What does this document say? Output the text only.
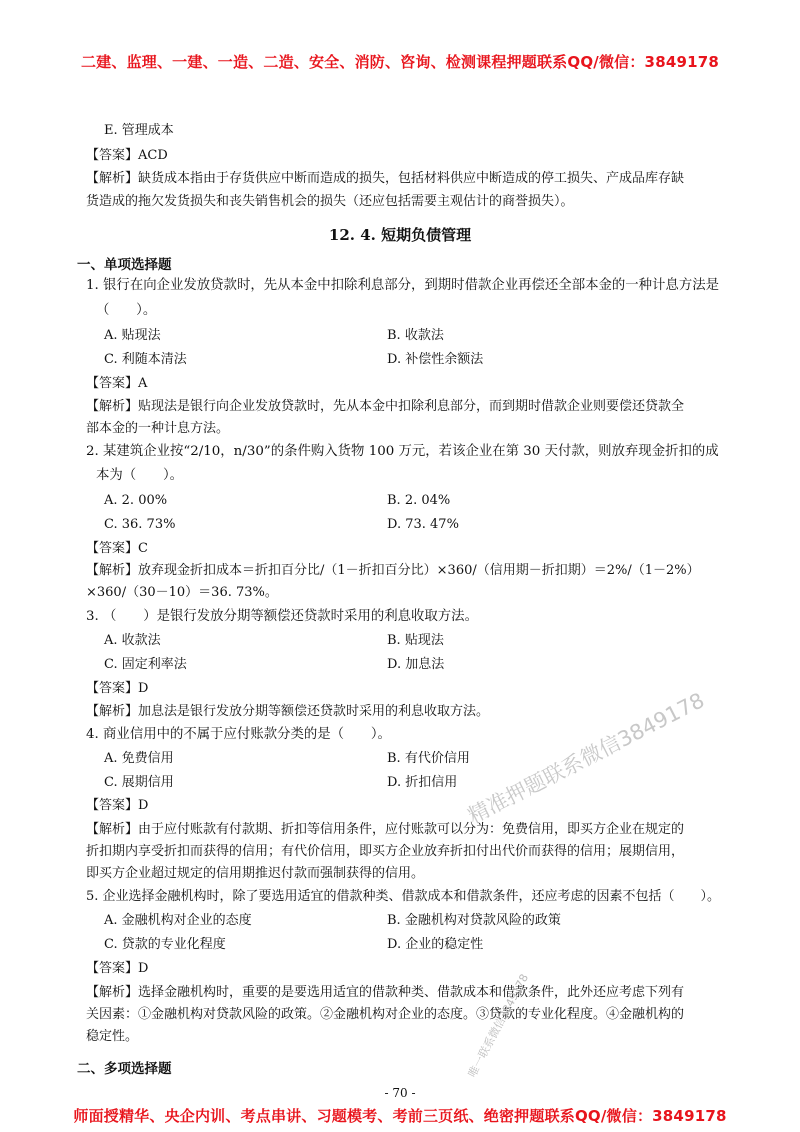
二建、监理、一建、一造、二造、安全、消防、咨询、检测课程押题联系QQ/微信：3849178
E. 管理成本
【答案】ACD
【解析】缺货成本指由于存货供应中断而造成的损失，包括材料供应中断造成的停工损失、产成品库存缺
货造成的拖欠发货损失和丧失销售机会的损失（还应包括需要主观估计的商誉损失）。
12. 4. 短期负债管理
一、单项选择题
1. 银行在向企业发放贷款时，先从本金中扣除利息部分，到期时借款企业再偿还全部本金的一种计息方法是
（　　）。
A. 贴现法	B. 收款法
C. 利随本清法	D. 补偿性余额法
【答案】A
【解析】贴现法是银行向企业发放贷款时，先从本金中扣除利息部分，而到期时借款企业则要偿还贷款全
部本金的一种计息方法。
2. 某建筑企业按“2/10，n/30”的条件购入货物 100 万元，若该企业在第 30 天付款，则放弃现金折扣的成
本为（　　）。
A. 2. 00%	B. 2. 04%
C. 36. 73%	D. 73. 47%
【答案】C
【解析】放弃现金折扣成本＝折扣百分比/（1－折扣百分比）×360/（信用期－折扣期）＝2%/（1－2%）
×360/（30－10）＝36. 73%。
3. （　　）是银行发放分期等额偿还贷款时采用的利息收取方法。
A. 收款法	B. 贴现法
C. 固定利率法	D. 加息法
【答案】D
【解析】加息法是银行发放分期等额偿还贷款时采用的利息收取方法。
4. 商业信用中的不属于应付账款分类的是（　　）。
A. 免费信用	B. 有代价信用
C. 展期信用	D. 折扣信用
【答案】D
【解析】由于应付账款有付款期、折扣等信用条件，应付账款可以分为：免费信用，即买方企业在规定的
折扣期内享受折扣而获得的信用；有代价信用，即买方企业放弃折扣付出代价而获得的信用；展期信用，
即买方企业超过规定的信用期推迟付款而强制获得的信用。
5. 企业选择金融机构时，除了要选用适宜的借款种类、借款成本和借款条件，还应考虑的因素不包括（　　）。
A. 金融机构对企业的态度	B. 金融机构对贷款风险的政策
C. 贷款的专业化程度	D. 企业的稳定性
【答案】D
【解析】选择金融机构时，重要的是要选用适宜的借款种类、借款成本和借款条件，此外还应考虑下列有
关因素：①金融机构对贷款风险的政策。②金融机构对企业的态度。③贷款的专业化程度。④金融机构的
稳定性。
二、多项选择题
精准押题联系微信3849178
唯一联系微信3849178
- 70 -
师面授精华、央企内训、考点串讲、习题模考、考前三页纸、绝密押题联系QQ/微信：3849178
